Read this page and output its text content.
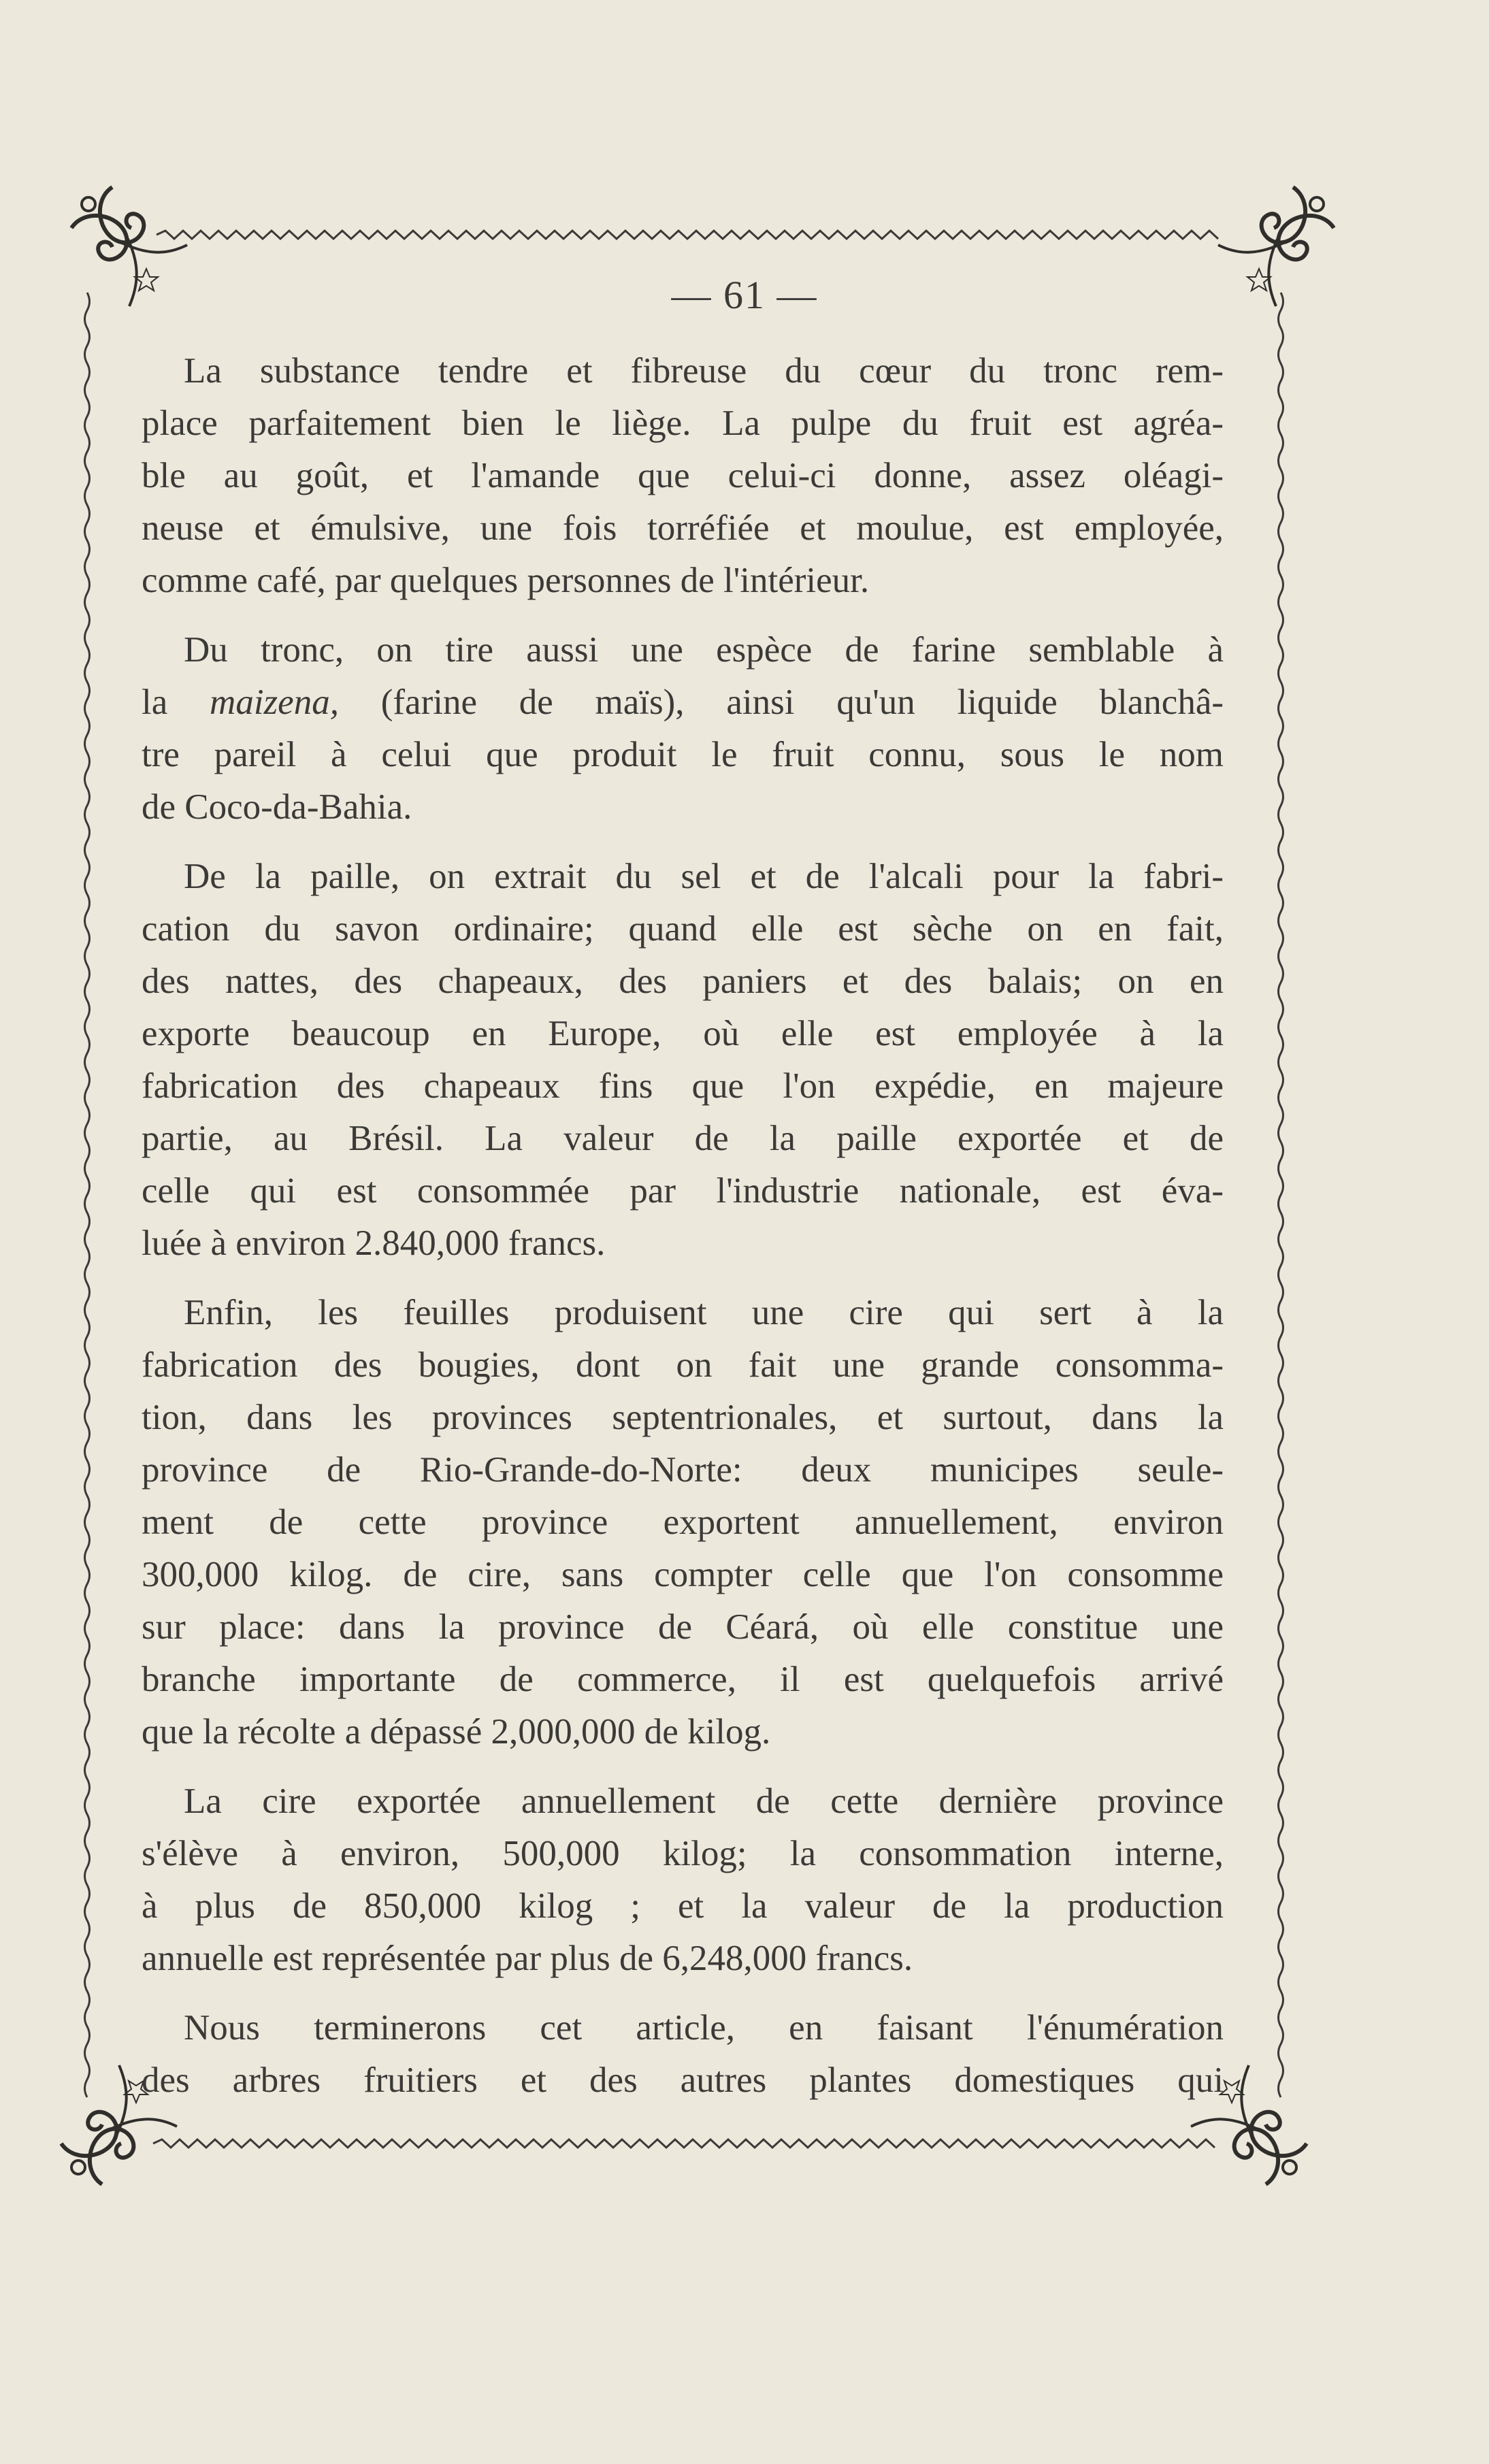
— 61 —
La substance tendre et fibreuse du cœur du tronc rem-
place parfaitement bien le liège. La pulpe du fruit est agréa-
ble au goût, et l'amande que celui-ci donne, assez oléagi-
neuse et émulsive, une fois torréfiée et moulue, est employée,
comme café, par quelques personnes de l'intérieur.
Du tronc, on tire aussi une espèce de farine semblable à
la maizena, (farine de maïs), ainsi qu'un liquide blanchâ-
tre pareil à celui que produit le fruit connu, sous le nom
de Coco-da-Bahia.
De la paille, on extrait du sel et de l'alcali pour la fabri-
cation du savon ordinaire; quand elle est sèche on en fait,
des nattes, des chapeaux, des paniers et des balais; on en
exporte beaucoup en Europe, où elle est employée à la
fabrication des chapeaux fins que l'on expédie, en majeure
partie, au Brésil. La valeur de la paille exportée et de
celle qui est consommée par l'industrie nationale, est éva-
luée à environ 2.840,000 francs.
Enfin, les feuilles produisent une cire qui sert à la
fabrication des bougies, dont on fait une grande consomma-
tion, dans les provinces septentrionales, et surtout, dans la
province de Rio-Grande-do-Norte: deux municipes seule-
ment de cette province exportent annuellement, environ
300,000 kilog. de cire, sans compter celle que l'on consomme
sur place: dans la province de Céará, où elle constitue une
branche importante de commerce, il est quelquefois arrivé
que la récolte a dépassé 2,000,000 de kilog.
La cire exportée annuellement de cette dernière province
s'élève à environ, 500,000 kilog; la consommation interne,
à plus de 850,000 kilog ; et la valeur de la production
annuelle est représentée par plus de 6,248,000 francs.
Nous terminerons cet article, en faisant l'énumération
des arbres fruitiers et des autres plantes domestiques qui
